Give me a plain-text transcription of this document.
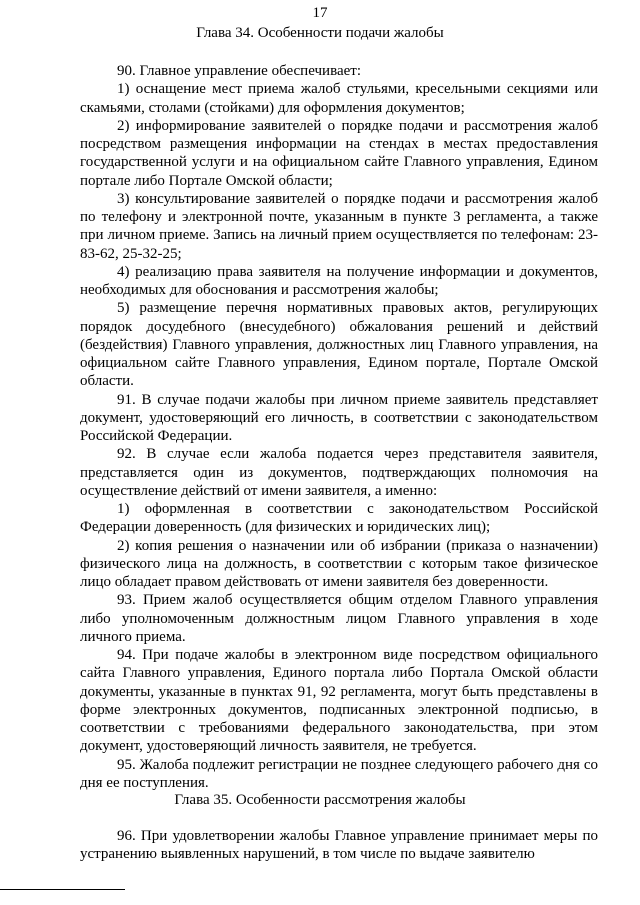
17
Глава 34. Особенности подачи жалобы

90. Главное управление обеспечивает:

1) оснащение мест приема жалоб стульями, кресельными секциями или скамьями, столами (стойками) для оформления документов;

2) информирование заявителей о порядке подачи и рассмотрения жалоб посредством размещения информации на стендах в местах предоставления государственной услуги и на официальном сайте Главного управления, Едином портале либо Портале Омской области;

3) консультирование заявителей о порядке подачи и рассмотрения жалоб по телефону и электронной почте, указанным в пункте 3 регламента, а также при личном приеме. Запись на личный прием осуществляется по телефонам: 23-83-62, 25-32-25;

4) реализацию права заявителя на получение информации и документов, необходимых для обоснования и рассмотрения жалобы;

5) размещение перечня нормативных правовых актов, регулирующих порядок досудебного (внесудебного) обжалования решений и действий (бездействия) Главного управления, должностных лиц Главного управления, на официальном сайте Главного управления, Едином портале, Портале Омской области.

91. В случае подачи жалобы при личном приеме заявитель представляет документ, удостоверяющий его личность, в соответствии с законодательством Российской Федерации.

92. В случае если жалоба подается через представителя заявителя, представляется один из документов, подтверждающих полномочия на осуществление действий от имени заявителя, а именно:

1) оформленная в соответствии с законодательством Российской Федерации доверенность (для физических и юридических лиц);

2) копия решения о назначении или об избрании (приказа о назначении) физического лица на должность, в соответствии с которым такое физическое лицо обладает правом действовать от имени заявителя без доверенности.

93. Прием жалоб осуществляется общим отделом Главного управления либо уполномоченным должностным лицом Главного управления в ходе личного приема.

94. При подаче жалобы в электронном виде посредством официального сайта Главного управления, Единого портала либо Портала Омской области документы, указанные в пунктах 91, 92 регламента, могут быть представлены в форме электронных документов, подписанных электронной подписью, в соответствии с требованиями федерального законодательства, при этом документ, удостоверяющий личность заявителя, не требуется.

95. Жалоба подлежит регистрации не позднее следующего рабочего дня со дня ее поступления.

Глава 35. Особенности рассмотрения жалобы

96. При удовлетворении жалобы Главное управление принимает меры по устранению выявленных нарушений, в том числе по выдаче заявителю
